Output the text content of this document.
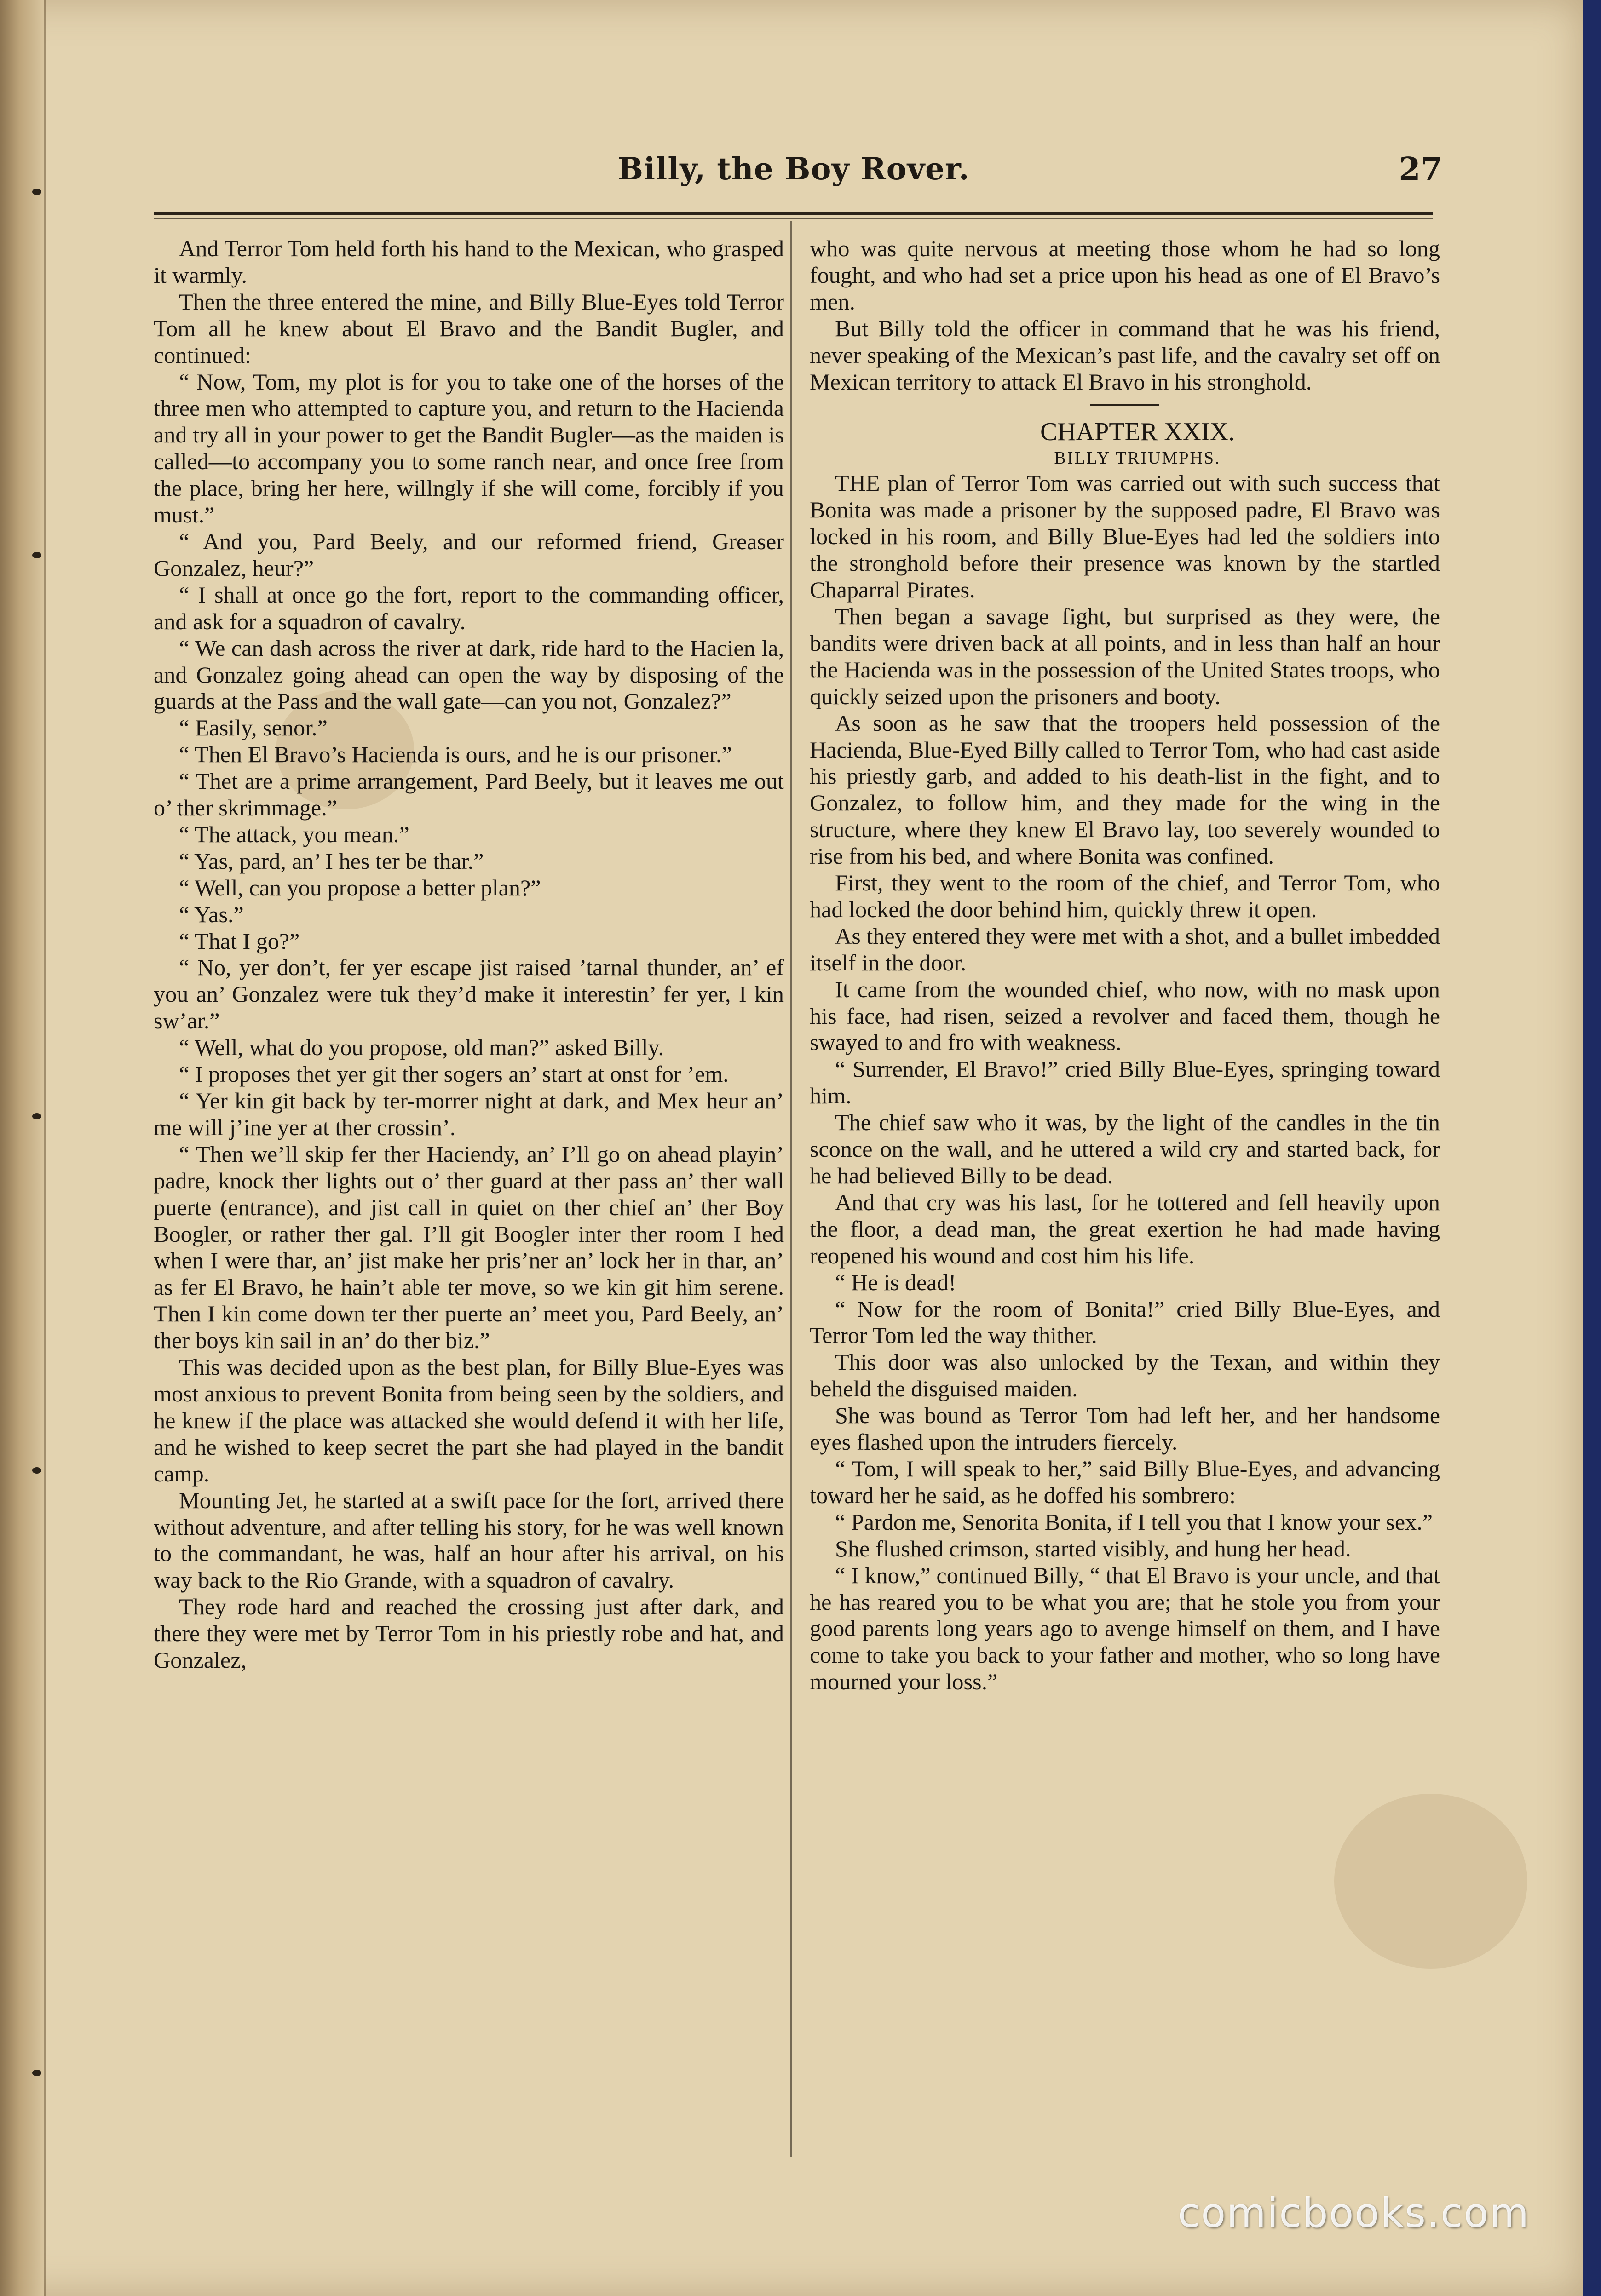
Billy, the Boy Rover.	27

And Terror Tom held forth his hand to the Mexican, who grasped it warmly.

Then the three entered the mine, and Billy Blue-Eyes told Terror Tom all he knew about El Bravo and the Bandit Bugler, and continued:

“ Now, Tom, my plot is for you to take one of the horses of the three men who attempted to capture you, and return to the Hacienda and try all in your power to get the Bandit Bugler—as the maiden is called—to accompany you to some ranch near, and once free from the place, bring her here, willngly if she will come, forcibly if you must.”

“ And you, Pard Beely, and our reformed friend, Greaser Gonzalez, heur?”

“ I shall at once go the fort, report to the commanding officer, and ask for a squadron of cavalry.

“ We can dash across the river at dark, ride hard to the Hacien la, and Gonzalez going ahead can open the way by disposing of the guards at the Pass and the wall gate—can you not, Gonzalez?”

“ Easily, senor.”

“ Then El Bravo’s Hacienda is ours, and he is our prisoner.”

“ Thet are a prime arrangement, Pard Beely, but it leaves me out o’ ther skrimmage.”

“ The attack, you mean.”

“ Yas, pard, an’ I hes ter be thar.”

“ Well, can you propose a better plan?”

“ Yas.”

“ That I go?”

“ No, yer don’t, fer yer escape jist raised ’tarnal thunder, an’ ef you an’ Gonzalez were tuk they’d make it interestin’ fer yer, I kin sw’ar.”

“ Well, what do you propose, old man?” asked Billy.

“ I proposes thet yer git ther sogers an’ start at onst for ’em.

“ Yer kin git back by ter-morrer night at dark, and Mex heur an’ me will j’ine yer at ther crossin’.

“ Then we’ll skip fer ther Haciendy, an’ I’ll go on ahead playin’ padre, knock ther lights out o’ ther guard at ther pass an’ ther wall puerte (entrance), and jist call in quiet on ther chief an’ ther Boy Boogler, or rather ther gal. I’ll git Boogler inter ther room I hed when I were thar, an’ jist make her pris’ner an’ lock her in thar, an’ as fer El Bravo, he hain’t able ter move, so we kin git him serene. Then I kin come down ter ther puerte an’ meet you, Pard Beely, an’ ther boys kin sail in an’ do ther biz.”

This was decided upon as the best plan, for Billy Blue-Eyes was most anxious to prevent Bonita from being seen by the soldiers, and he knew if the place was attacked she would defend it with her life, and he wished to keep secret the part she had played in the bandit camp.

Mounting Jet, he started at a swift pace for the fort, arrived there without adventure, and after telling his story, for he was well known to the commandant, he was, half an hour after his arrival, on his way back to the Rio Grande, with a squadron of cavalry.

They rode hard and reached the crossing just after dark, and there they were met by Terror Tom in his priestly robe and hat, and Gonzalez,

who was quite nervous at meeting those whom he had so long fought, and who had set a price upon his head as one of El Bravo’s men.

But Billy told the officer in command that he was his friend, never speaking of the Mexican’s past life, and the cavalry set off on Mexican territory to attack El Bravo in his stronghold.

CHAPTER XXIX.

BILLY TRIUMPHS.

THE plan of Terror Tom was carried out with such success that Bonita was made a prisoner by the supposed padre, El Bravo was locked in his room, and Billy Blue-Eyes had led the soldiers into the stronghold before their presence was known by the startled Chaparral Pirates.

Then began a savage fight, but surprised as they were, the bandits were driven back at all points, and in less than half an hour the Hacienda was in the possession of the United States troops, who quickly seized upon the prisoners and booty.

As soon as he saw that the troopers held possession of the Hacienda, Blue-Eyed Billy called to Terror Tom, who had cast aside his priestly garb, and added to his death-list in the fight, and to Gonzalez, to follow him, and they made for the wing in the structure, where they knew El Bravo lay, too severely wounded to rise from his bed, and where Bonita was confined.

First, they went to the room of the chief, and Terror Tom, who had locked the door behind him, quickly threw it open.

As they entered they were met with a shot, and a bullet imbedded itself in the door.

It came from the wounded chief, who now, with no mask upon his face, had risen, seized a revolver and faced them, though he swayed to and fro with weakness.

“ Surrender, El Bravo!” cried Billy Blue-Eyes, springing toward him.

The chief saw who it was, by the light of the candles in the tin sconce on the wall, and he uttered a wild cry and started back, for he had believed Billy to be dead.

And that cry was his last, for he tottered and fell heavily upon the floor, a dead man, the great exertion he had made having reopened his wound and cost him his life.

“ He is dead!

“ Now for the room of Bonita!” cried Billy Blue-Eyes, and Terror Tom led the way thither.

This door was also unlocked by the Texan, and within they beheld the disguised maiden.

She was bound as Terror Tom had left her, and her handsome eyes flashed upon the intruders fiercely.

“ Tom, I will speak to her,” said Billy Blue-Eyes, and advancing toward her he said, as he doffed his sombrero:

“ Pardon me, Senorita Bonita, if I tell you that I know your sex.”

She flushed crimson, started visibly, and hung her head.

“ I know,” continued Billy, “ that El Bravo is your uncle, and that he has reared you to be what you are; that he stole you from your good parents long years ago to avenge himself on them, and I have come to take you back to your father and mother, who so long have mourned your loss.”

comicbooks.com
